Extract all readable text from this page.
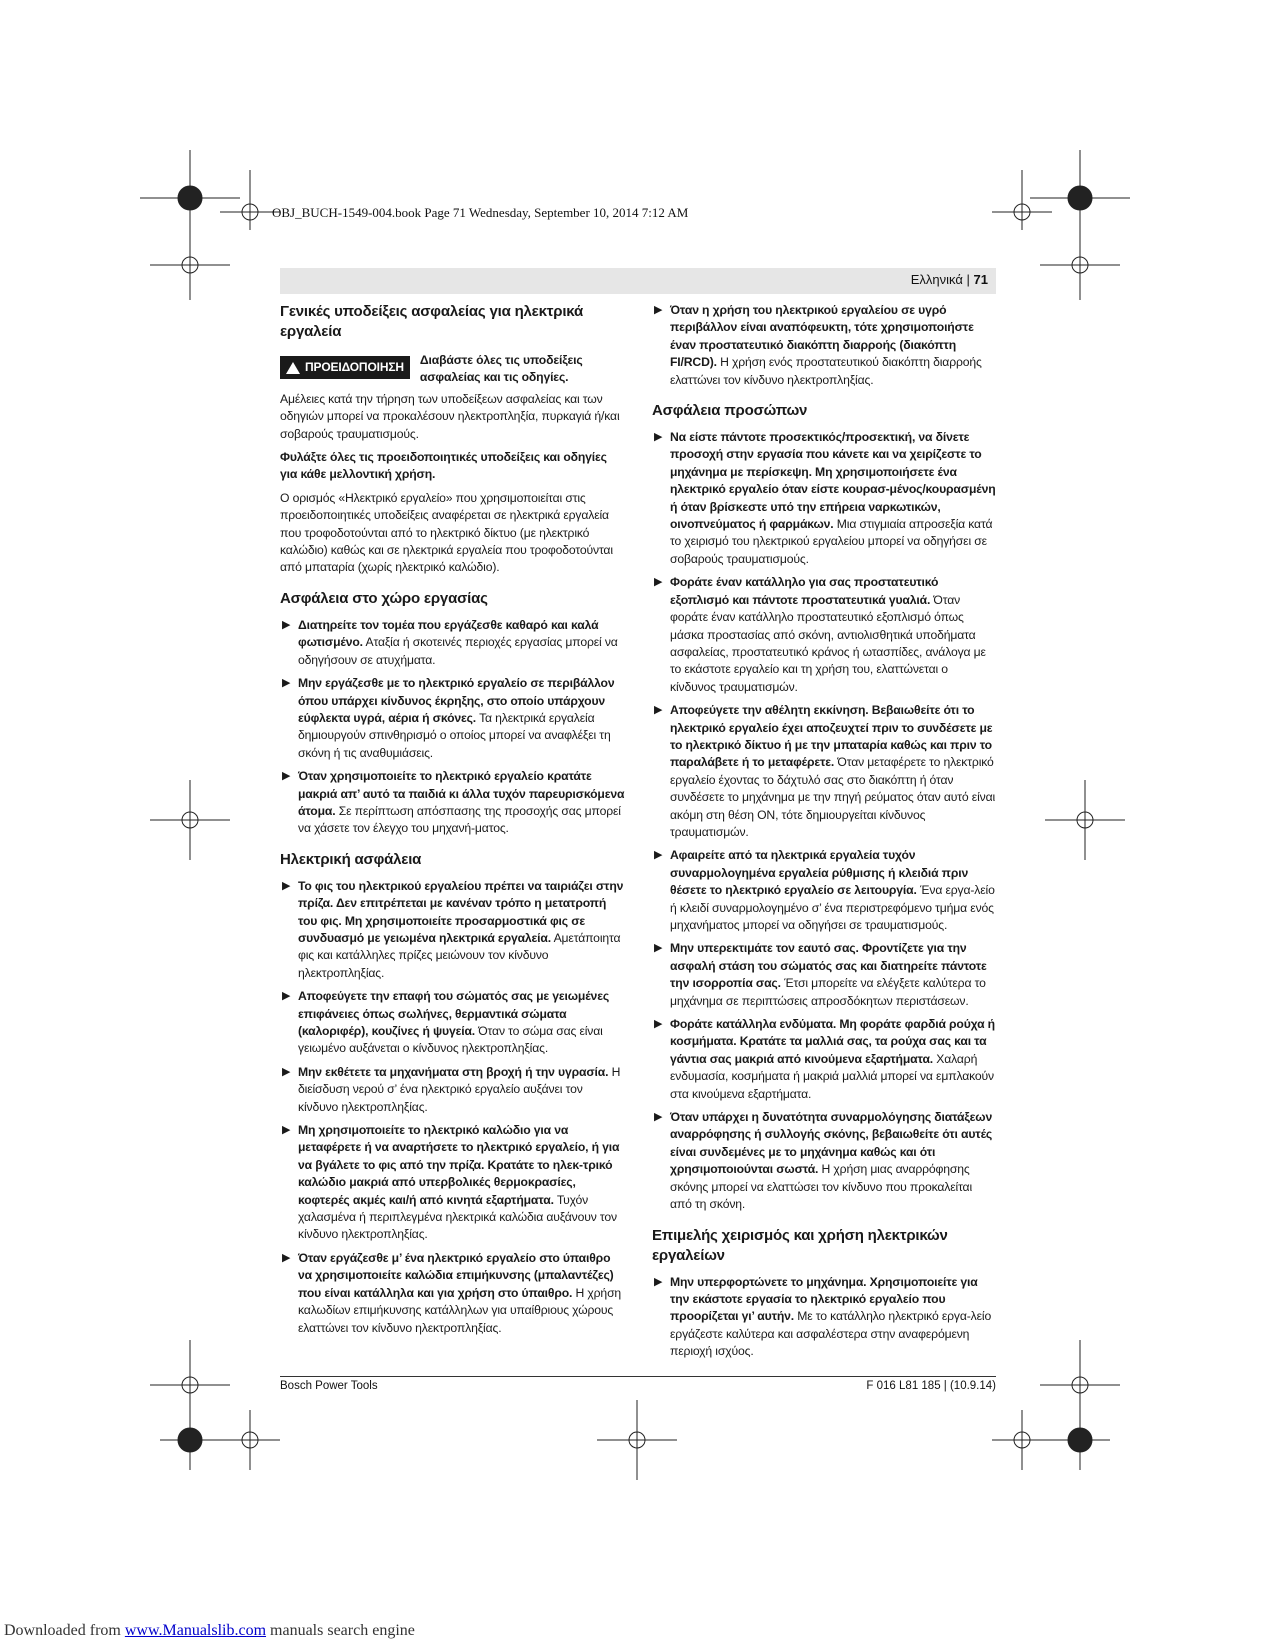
OBJ_BUCH-1549-004.book Page 71 Wednesday, September 10, 2014 7:12 AM
Ελληνικά | 71
Γενικές υποδείξεις ασφαλείας για ηλεκτρικά εργαλεία
ΠΡΟΕΙΔΟΠΟΙΗΣΗ Διαβάστε όλες τις υποδείξεις ασφαλείας και τις οδηγίες.

Αμέλειες κατά την τήρηση των υποδείξεων ασφαλείας και των οδηγιών μπορεί να προκαλέσουν ηλεκτροπληξία, πυρκαγιά ή/και σοβαρούς τραυματισμούς.

Φυλάξτε όλες τις προειδοποιητικές υποδείξεις και οδηγίες για κάθε μελλοντική χρήση.

Ο ορισμός «Ηλεκτρικό εργαλείο» που χρησιμοποιείται στις προειδοποιητικές υποδείξεις αναφέρεται σε ηλεκτρικά εργαλεία που τροφοδοτούνται από το ηλεκτρικό δίκτυο (με ηλεκτρικό καλώδιο) καθώς και σε ηλεκτρικά εργαλεία που τροφοδοτούνται από μπαταρία (χωρίς ηλεκτρικό καλώδιο).

Ασφάλεια στο χώρο εργασίας
▶ Διατηρείτε τον τομέα που εργάζεσθε καθαρό και καλά φωτισμένο. Αταξία ή σκοτεινές περιοχές εργασίας μπορεί να οδηγήσουν σε ατυχήματα.
▶ Μην εργάζεσθε με το ηλεκτρικό εργαλείο σε περιβάλλον όπου υπάρχει κίνδυνος έκρηξης, στο οποίο υπάρχουν εύφλεκτα υγρά, αέρια ή σκόνες. Τα ηλεκτρικά εργαλεία δημιουργούν σπινθηρισμό ο οποίος μπορεί να αναφλέξει τη σκόνη ή τις αναθυμιάσεις.
▶ Όταν χρησιμοποιείτε το ηλεκτρικό εργαλείο κρατάτε μακριά απ’ αυτό τα παιδιά κι άλλα τυχόν παρευρισκόμενα άτομα. Σε περίπτωση απόσπασης της προσοχής σας μπορεί να χάσετε τον έλεγχο του μηχανή-ματος.
Ηλεκτρική ασφάλεια
▶ Το φις του ηλεκτρικού εργαλείου πρέπει να ταιριάζει στην πρίζα. Δεν επιτρέπεται με κανέναν τρόπο η μετατροπή του φις. Μη χρησιμοποιείτε προσαρμοστικά φις σε συνδυασμό με γειωμένα ηλεκτρικά εργαλεία. Αμετάποιητα φις και κατάλληλες πρίζες μειώνουν τον κίνδυνο ηλεκτροπληξίας.
▶ Αποφεύγετε την επαφή του σώματός σας με γειωμένες επιφάνειες όπως σωλήνες, θερμαντικά σώματα (καλοριφέρ), κουζίνες ή ψυγεία. Όταν το σώμα σας είναι γειωμένο αυξάνεται ο κίνδυνος ηλεκτροπληξίας.
▶ Μην εκθέτετε τα μηχανήματα στη βροχή ή την υγρασία. Η διείσδυση νερού σ’ ένα ηλεκτρικό εργαλείο αυξάνει τον κίνδυνο ηλεκτροπληξίας.
▶ Μη χρησιμοποιείτε το ηλεκτρικό καλώδιο για να μεταφέρετε ή να αναρτήσετε το ηλεκτρικό εργαλείο, ή για να βγάλετε το φις από την πρίζα. Κρατάτε το ηλεκ-τρικό καλώδιο μακριά από υπερβολικές θερμοκρασίες, κοφτερές ακμές και/ή από κινητά εξαρτήματα. Τυχόν χαλασμένα ή περιπλεγμένα ηλεκτρικά καλώδια αυξάνουν τον κίνδυνο ηλεκτροπληξίας.
▶ Όταν εργάζεσθε μ’ ένα ηλεκτρικό εργαλείο στο ύπαιθρο να χρησιμοποιείτε καλώδια επιμήκυνσης (μπαλαντέζες) που είναι κατάλληλα και για χρήση στο ύπαιθρο. Η χρήση καλωδίων επιμήκυνσης κατάλληλων για υπαίθριους χώρους ελαττώνει τον κίνδυνο ηλεκτροπληξίας.
▶ Όταν η χρήση του ηλεκτρικού εργαλείου σε υγρό περιβάλλον είναι αναπόφευκτη, τότε χρησιμοποιήστε έναν προστατευτικό διακόπτη διαρροής (διακόπτη FI/RCD). Η χρήση ενός προστατευτικού διακόπτη διαρροής ελαττώνει τον κίνδυνο ηλεκτροπληξίας.
Ασφάλεια προσώπων
▶ Να είστε πάντοτε προσεκτικός/προσεκτική, να δίνετε προσοχή στην εργασία που κάνετε και να χειρίζεστε το μηχάνημα με περίσκεψη. Μη χρησιμοποιήσετε ένα ηλεκτρικό εργαλείο όταν είστε κουρασ-μένος/κουρασμένη ή όταν βρίσκεστε υπό την επήρεια ναρκωτικών, οινοπνεύματος ή φαρμάκων. Μια στιγμιαία απροσεξία κατά το χειρισμό του ηλεκτρικού εργαλείου μπορεί να οδηγήσει σε σοβαρούς τραυματισμούς.
▶ Φοράτε έναν κατάλληλο για σας προστατευτικό εξοπλισμό και πάντοτε προστατευτικά γυαλιά. Όταν φοράτε έναν κατάλληλο προστατευτικό εξοπλισμό όπως μάσκα προστασίας από σκόνη, αντιολισθητικά υποδήματα ασφαλείας, προστατευτικό κράνος ή ωτασπίδες, ανάλογα με το εκάστοτε εργαλείο και τη χρήση του, ελαττώνεται ο κίνδυνος τραυματισμών.
▶ Αποφεύγετε την αθέλητη εκκίνηση. Βεβαιωθείτε ότι το ηλεκτρικό εργαλείο έχει αποζευχτεί πριν το συνδέσετε με το ηλεκτρικό δίκτυο ή με την μπαταρία καθώς και πριν το παραλάβετε ή το μεταφέρετε. Όταν μεταφέρετε το ηλεκτρικό εργαλείο έχοντας το δάχτυλό σας στο διακόπτη ή όταν συνδέσετε το μηχάνημα με την πηγή ρεύματος όταν αυτό είναι ακόμη στη θέση ON, τότε δημιουργείται κίνδυνος τραυματισμών.
▶ Αφαιρείτε από τα ηλεκτρικά εργαλεία τυχόν συναρμολογημένα εργαλεία ρύθμισης ή κλειδιά πριν θέσετε το ηλεκτρικό εργαλείο σε λειτουργία. Ένα εργα-λείο ή κλειδί συναρμολογημένο σ’ ένα περιστρεφόμενο τμήμα ενός μηχανήματος μπορεί να οδηγήσει σε τραυματισμούς.
▶ Μην υπερεκτιμάτε τον εαυτό σας. Φροντίζετε για την ασφαλή στάση του σώματός σας και διατηρείτε πάντοτε την ισορροπία σας. Έτσι μπορείτε να ελέγξετε καλύτερα το μηχάνημα σε περιπτώσεις απροσδόκητων περιστάσεων.
▶ Φοράτε κατάλληλα ενδύματα. Μη φοράτε φαρδιά ρούχα ή κοσμήματα. Κρατάτε τα μαλλιά σας, τα ρούχα σας και τα γάντια σας μακριά από κινούμενα εξαρτήματα. Χαλαρή ενδυμασία, κοσμήματα ή μακριά μαλλιά μπορεί να εμπλακούν στα κινούμενα εξαρτήματα.
▶ Όταν υπάρχει η δυνατότητα συναρμολόγησης διατάξεων αναρρόφησης ή συλλογής σκόνης, βεβαιωθείτε ότι αυτές είναι συνδεμένες με το μηχάνημα καθώς και ότι χρησιμοποιούνται σωστά. Η χρήση μιας αναρρόφησης σκόνης μπορεί να ελαττώσει τον κίνδυνο που προκαλείται από τη σκόνη.
Επιμελής χειρισμός και χρήση ηλεκτρικών εργαλείων
▶ Μην υπερφορτώνετε το μηχάνημα. Χρησιμοποιείτε για την εκάστοτε εργασία το ηλεκτρικό εργαλείο που προορίζεται γι’ αυτήν. Με το κατάλληλο ηλεκτρικό εργα-λείο εργάζεστε καλύτερα και ασφαλέστερα στην αναφερόμενη περιοχή ισχύος.
Bosch Power Tools	F 016 L81 185 | (10.9.14)
Downloaded from www.Manualslib.com manuals search engine
